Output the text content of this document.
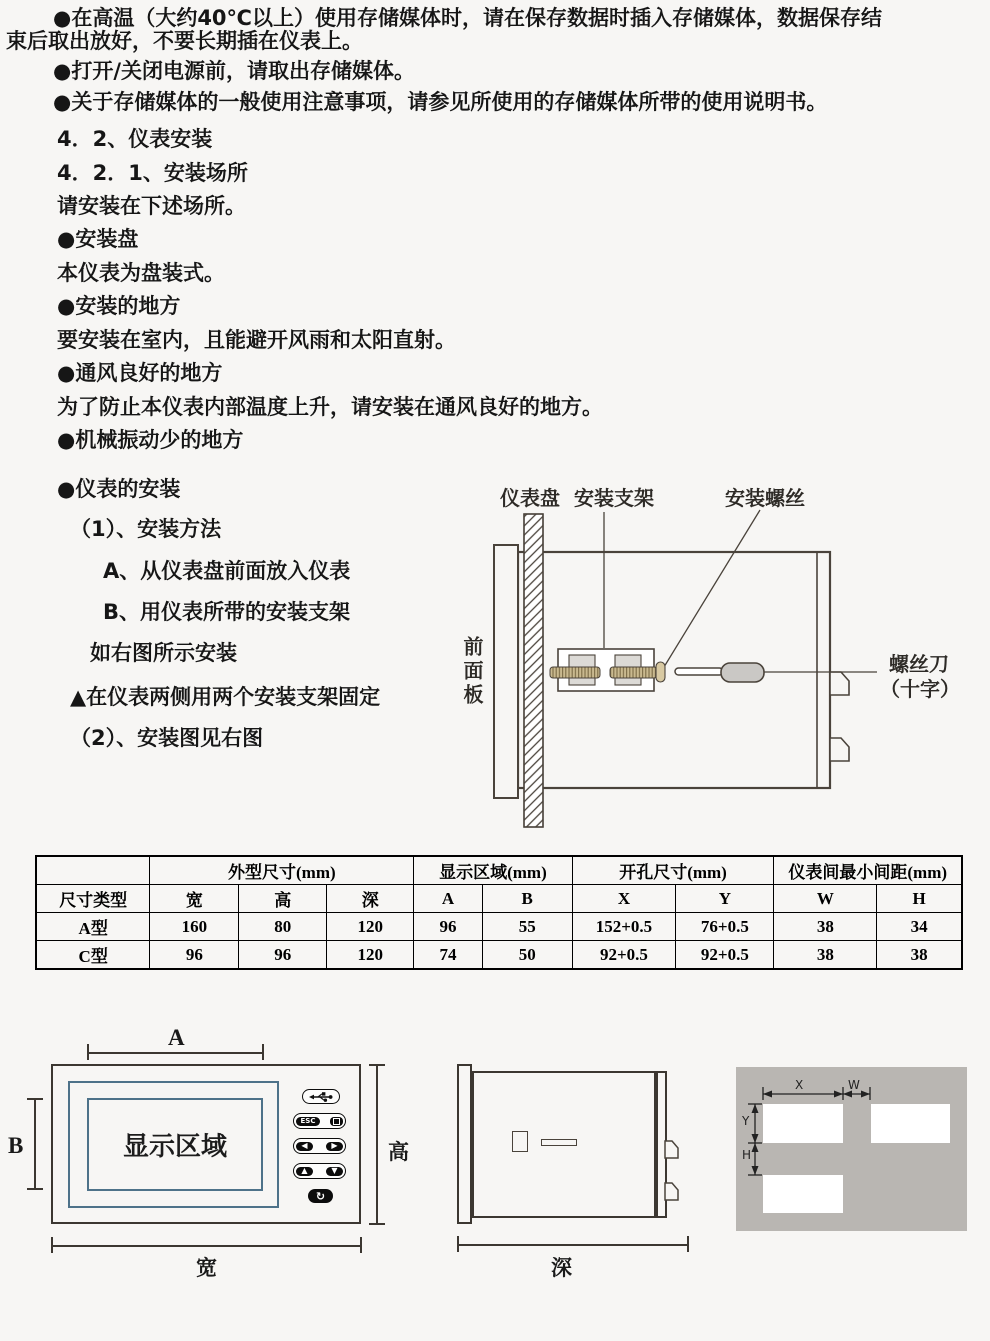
●在高温（大约40℃以上）使用存储媒体时，请在保存数据时插入存储媒体，数据保存结
束后取出放好，不要长期插在仪表上。
●打开/关闭电源前，请取出存储媒体。
●关于存储媒体的一般使用注意事项，请参见所使用的存储媒体所带的使用说明书。
4．2、仪表安装
4．2．1、安装场所
请安装在下述场所。
●安装盘
本仪表为盘装式。
●安装的地方
要安装在室内，且能避开风雨和太阳直射。
●通风良好的地方
为了防止本仪表内部温度上升，请安装在通风良好的地方。
●机械振动少的地方
●仪表的安装
（1）、安装方法
A、从仪表盘前面放入仪表
B、用仪表所带的安装支架
如右图所示安装
▲在仪表两侧用两个安装支架固定
（2）、安装图见右图
仪表盘 安装支架	安装螺丝
前面板	螺丝刀
（十字）
	外型尺寸(mm)			显示区域(mm)		开孔尺寸(mm)		仪表间最小间距(mm)	
尺寸类型	宽	高	深	A	B	X	Y	W	H
A型	160	80	120	96	55	152+0.5	76+0.5	38	34
C型	96	96	120	74	50	92+0.5	92+0.5	38	38
A
B	显示区域
ESC
◀	▶
▲	▼
↻
高
宽	深
X	W
Y
H
